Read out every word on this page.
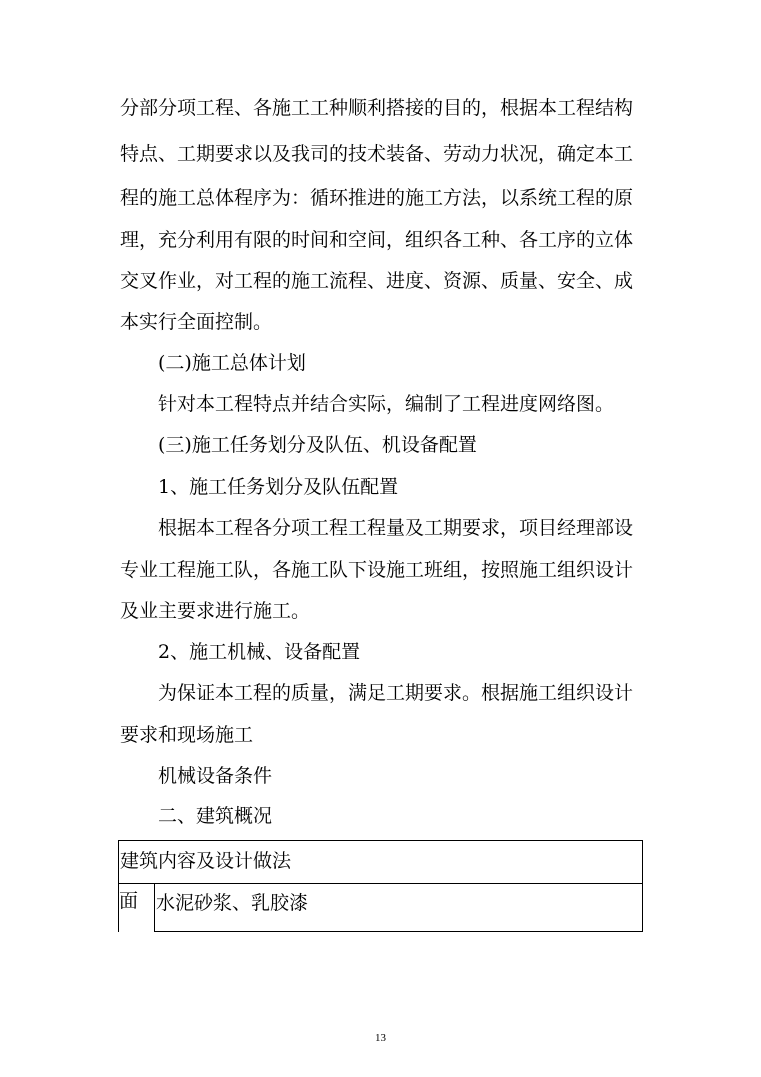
分部分项工程、各施工工种顺利搭接的目的，根据本工程结构
特点、工期要求以及我司的技术装备、劳动力状况，确定本工
程的施工总体程序为：循环推进的施工方法，以系统工程的原
理，充分利用有限的时间和空间，组织各工种、各工序的立体
交叉作业，对工程的施工流程、进度、资源、质量、安全、成
本实行全面控制。
(二)施工总体计划
针对本工程特点并结合实际，编制了工程进度网络图。
(三)施工任务划分及队伍、机设备配置
1、施工任务划分及队伍配置
根据本工程各分项工程工程量及工期要求，项目经理部设
专业工程施工队，各施工队下设施工班组，按照施工组织设计
及业主要求进行施工。
2、施工机械、设备配置
为保证本工程的质量，满足工期要求。根据施工组织设计
要求和现场施工
机械设备条件
二、建筑概况
建筑内容及设计做法
面 水泥砂浆、乳胶漆
13
